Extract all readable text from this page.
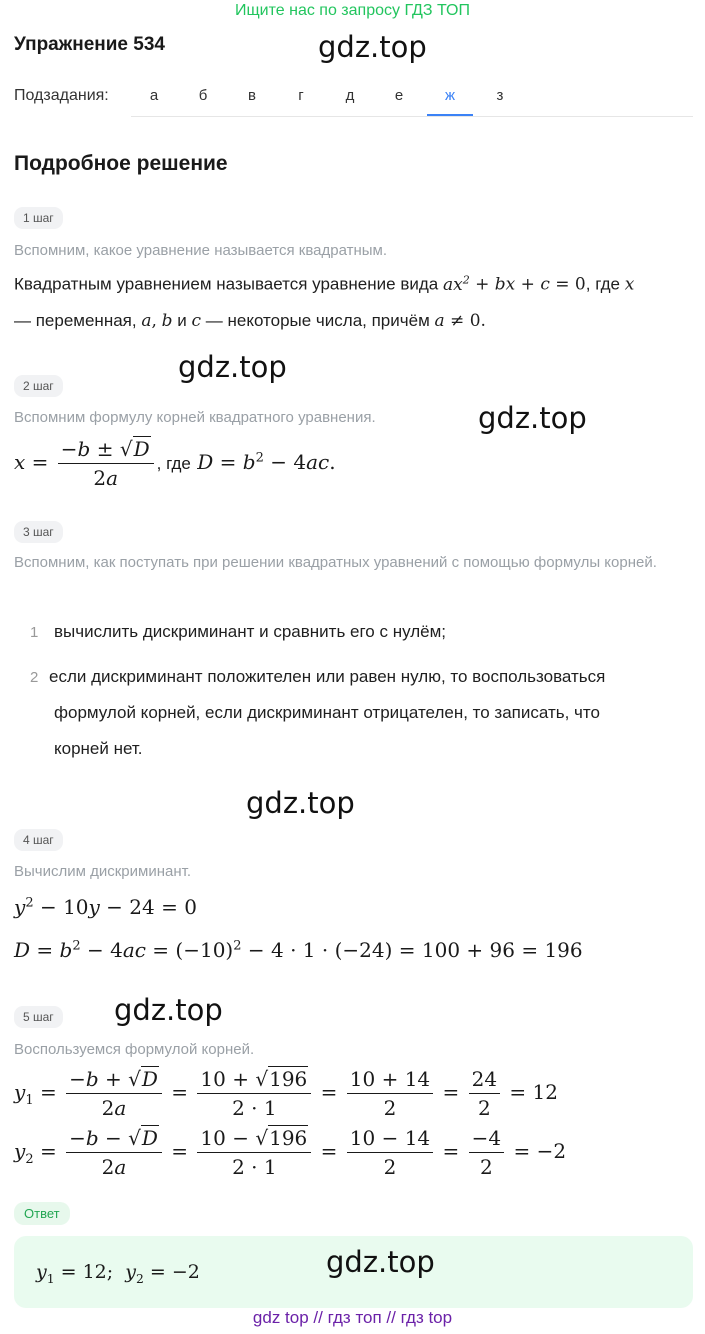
Ищите нас по запросу ГДЗ ТОП
Упражнение 534	gdz.top
Подзадания:	а	б	в	г	д	е	ж	з
Подробное решение
1 шаг
Вспомним, какое уравнение называется квадратным.
Квадратным уравнением называется уравнение вида $ax^2$ + bx + c = 0, где x
— переменная, a, b и c — некоторые числа, причём a ≠ 0.
gdz.top
2 шаг
Вспомним формулу корней квадратного уравнения.	gdz.top
$x = \frac{-b \pm √D}{2a}$ , где $D = b^2 - 4ac$.
3 шаг
Вспомним, как поступать при решении квадратных уравнений с помощью формулы корней.
1 вычислить дискриминант и сравнить его с нулём;
2 если дискриминант положителен или равен нулю, то воспользоваться
формулой корней, если дискриминант отрицателен, то записать, что
корней нет.
gdz.top
4 шаг
Вычислим дискриминант.
$y^2 - 10y - 24 = 0$
$D = b^2 - 4ac = (-10)^2 - 4 \cdot 1 \cdot (-24) = 100 + 96 = 196$
5 шаг	gdz.top
Воспользуемся формулой корней.
$y_1 = \frac{-b + √D}{2a} = \frac{10 + √196}{2 \cdot 1} = \frac{10 + 14}{2} = \frac{24}{2} = 12$
$y_2 = \frac{-b - √D}{2a} = \frac{10 - √196}{2 \cdot 1} = \frac{10 - 14}{2} = \frac{-4}{2} = -2$
Ответ
$y_1 = 12$;  $y_2 = -2$	gdz.top
gdz top // гдз топ // гдз top
